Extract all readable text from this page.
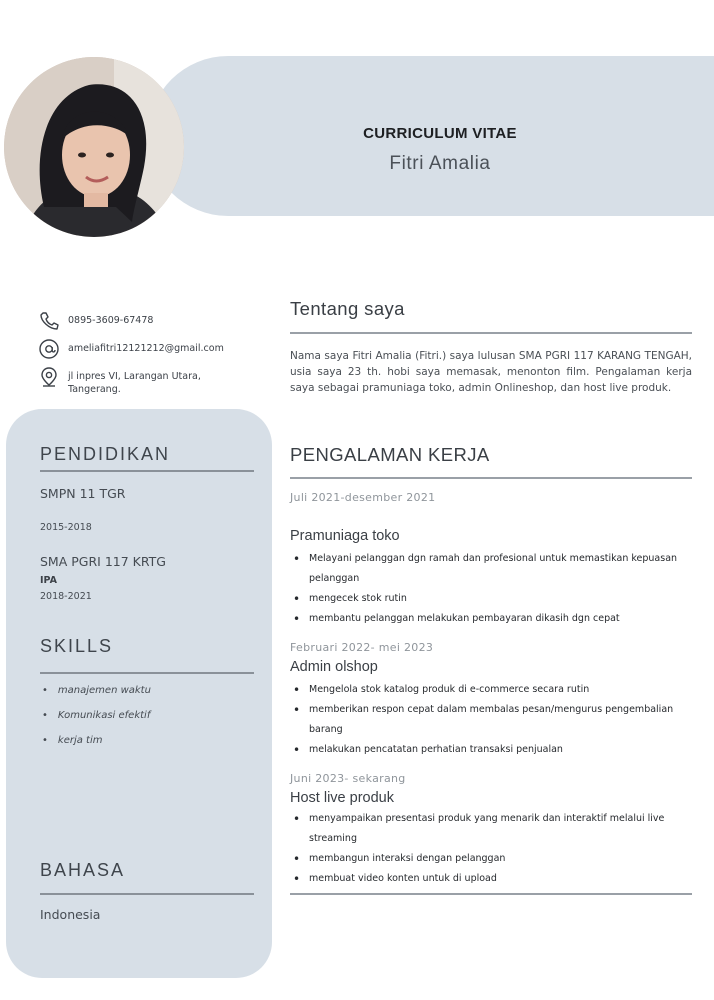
CURRICULUM VITAE
Fitri Amalia
0895-3609-67478
ameliafitri12121212@gmail.com
jl inpres VI, Larangan Utara, Tangerang.
PENDIDIKAN
SMPN 11 TGR
2015-2018
SMA PGRI 117 KRTG
IPA
2018-2021
SKILLS
• manajemen waktu
• Komunikasi efektif
• kerja tim
BAHASA
Indonesia
Tentang saya
Nama saya Fitri Amalia (Fitri.) saya lulusan SMA PGRI 117 KARANG TENGAH, usia saya 23 th. hobi saya memasak, menonton film. Pengalaman kerja saya sebagai pramuniaga toko, admin Onlineshop, dan host live produk.
PENGALAMAN KERJA
Juli 2021-desember 2021
Pramuniaga toko
• Melayani pelanggan dgn ramah dan profesional untuk memastikan kepuasan pelanggan
• mengecek stok rutin
• membantu pelanggan melakukan pembayaran dikasih dgn cepat
Februari 2022- mei 2023
Admin olshop
• Mengelola stok katalog produk di e-commerce secara rutin
• memberikan respon cepat dalam membalas pesan/mengurus pengembalian barang
• melakukan pencatatan perhatian transaksi penjualan
Juni 2023- sekarang
Host live produk
• menyampaikan presentasi produk yang menarik dan interaktif melalui live streaming
• membangun interaksi dengan pelanggan
• membuat video konten untuk di upload
